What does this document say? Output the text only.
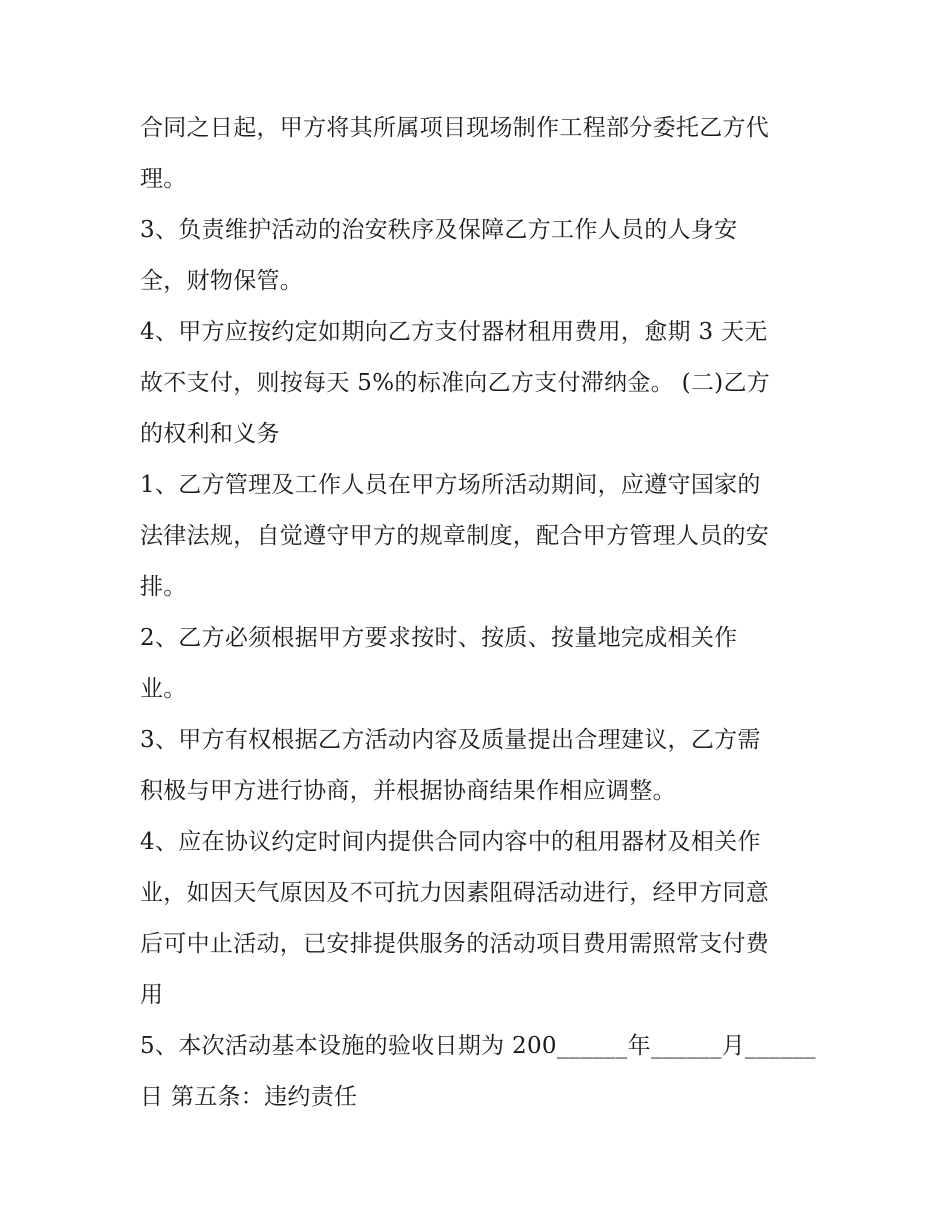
合同之日起，甲方将其所属项目现场制作工程部分委托乙方代
理。
3、负责维护活动的治安秩序及保障乙方工作人员的人身安
全，财物保管。
4、甲方应按约定如期向乙方支付器材租用费用，愈期 3 天无
故不支付，则按每天 5%的标准向乙方支付滞纳金。 (二)乙方
的权利和义务
1、乙方管理及工作人员在甲方场所活动期间，应遵守国家的
法律法规，自觉遵守甲方的规章制度，配合甲方管理人员的安
排。
2、乙方必须根据甲方要求按时、按质、按量地完成相关作
业。
3、甲方有权根据乙方活动内容及质量提出合理建议，乙方需
积极与甲方进行协商，并根据协商结果作相应调整。
4、应在协议约定时间内提供合同内容中的租用器材及相关作
业，如因天气原因及不可抗力因素阻碍活动进行，经甲方同意
后可中止活动，已安排提供服务的活动项目费用需照常支付费
用
5、本次活动基本设施的验收日期为 200______年______月______
日 第五条：违约责任
